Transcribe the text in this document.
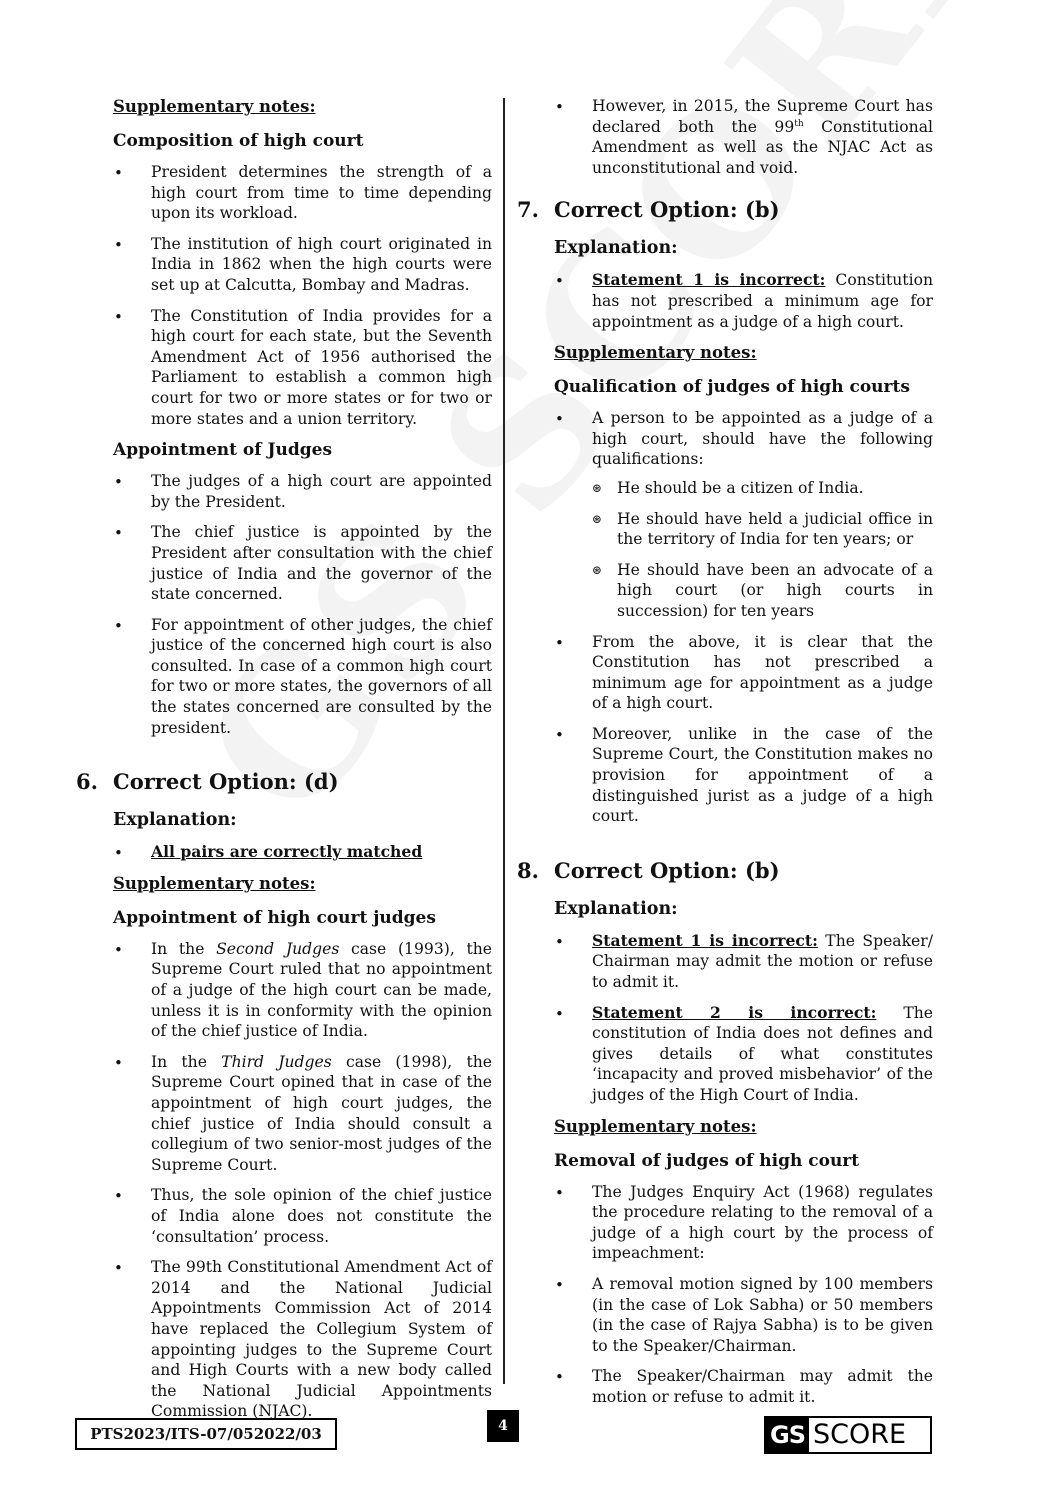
Supplementary notes:
Composition of high court
• President determines the strength of a high court from time to time depending upon its workload.
• The institution of high court originated in India in 1862 when the high courts were set up at Calcutta, Bombay and Madras.
• The Constitution of India provides for a high court for each state, but the Seventh Amendment Act of 1956 authorised the Parliament to establish a common high court for two or more states or for two or more states and a union territory.
Appointment of Judges
• The judges of a high court are appointed by the President.
• The chief justice is appointed by the President after consultation with the chief justice of India and the governor of the state concerned.
• For appointment of other judges, the chief justice of the concerned high court is also consulted. In case of a common high court for two or more states, the governors of all the states concerned are consulted by the president.
6. Correct Option: (d)
Explanation:
• All pairs are correctly matched
Supplementary notes:
Appointment of high court judges
• In the Second Judges case (1993), the Supreme Court ruled that no appointment of a judge of the high court can be made, unless it is in conformity with the opinion of the chief justice of India.
• In the Third Judges case (1998), the Supreme Court opined that in case of the appointment of high court judges, the chief justice of India should consult a collegium of two senior-most judges of the Supreme Court.
• Thus, the sole opinion of the chief justice of India alone does not constitute the ‘consultation’ process.
• The 99th Constitutional Amendment Act of 2014 and the National Judicial Appointments Commission Act of 2014 have replaced the Collegium System of appointing judges to the Supreme Court and High Courts with a new body called the National Judicial Appointments Commission (NJAC).
• However, in 2015, the Supreme Court has declared both the 99th Constitutional Amendment as well as the NJAC Act as unconstitutional and void.
7. Correct Option: (b)
Explanation:
• Statement 1 is incorrect: Constitution has not prescribed a minimum age for appointment as a judge of a high court.
Supplementary notes:
Qualification of judges of high courts
• A person to be appointed as a judge of a high court, should have the following qualifications:
⊛ He should be a citizen of India.
⊛ He should have held a judicial office in the territory of India for ten years; or
⊛ He should have been an advocate of a high court (or high courts in succession) for ten years
• From the above, it is clear that the Constitution has not prescribed a minimum age for appointment as a judge of a high court.
• Moreover, unlike in the case of the Supreme Court, the Constitution makes no provision for appointment of a distinguished jurist as a judge of a high court.
8. Correct Option: (b)
Explanation:
• Statement 1 is incorrect: The Speaker/ Chairman may admit the motion or refuse to admit it.
• Statement 2 is incorrect: The constitution of India does not defines and gives details of what constitutes ‘incapacity and proved misbehavior’ of the judges of the High Court of India.
Supplementary notes:
Removal of judges of high court
• The Judges Enquiry Act (1968) regulates the procedure relating to the removal of a judge of a high court by the process of impeachment:
• A removal motion signed by 100 members (in the case of Lok Sabha) or 50 members (in the case of Rajya Sabha) is to be given to the Speaker/Chairman.
• The Speaker/Chairman may admit the motion or refuse to admit it.
PTS2023/ITS-07/052022/03	4	GS SCORE
